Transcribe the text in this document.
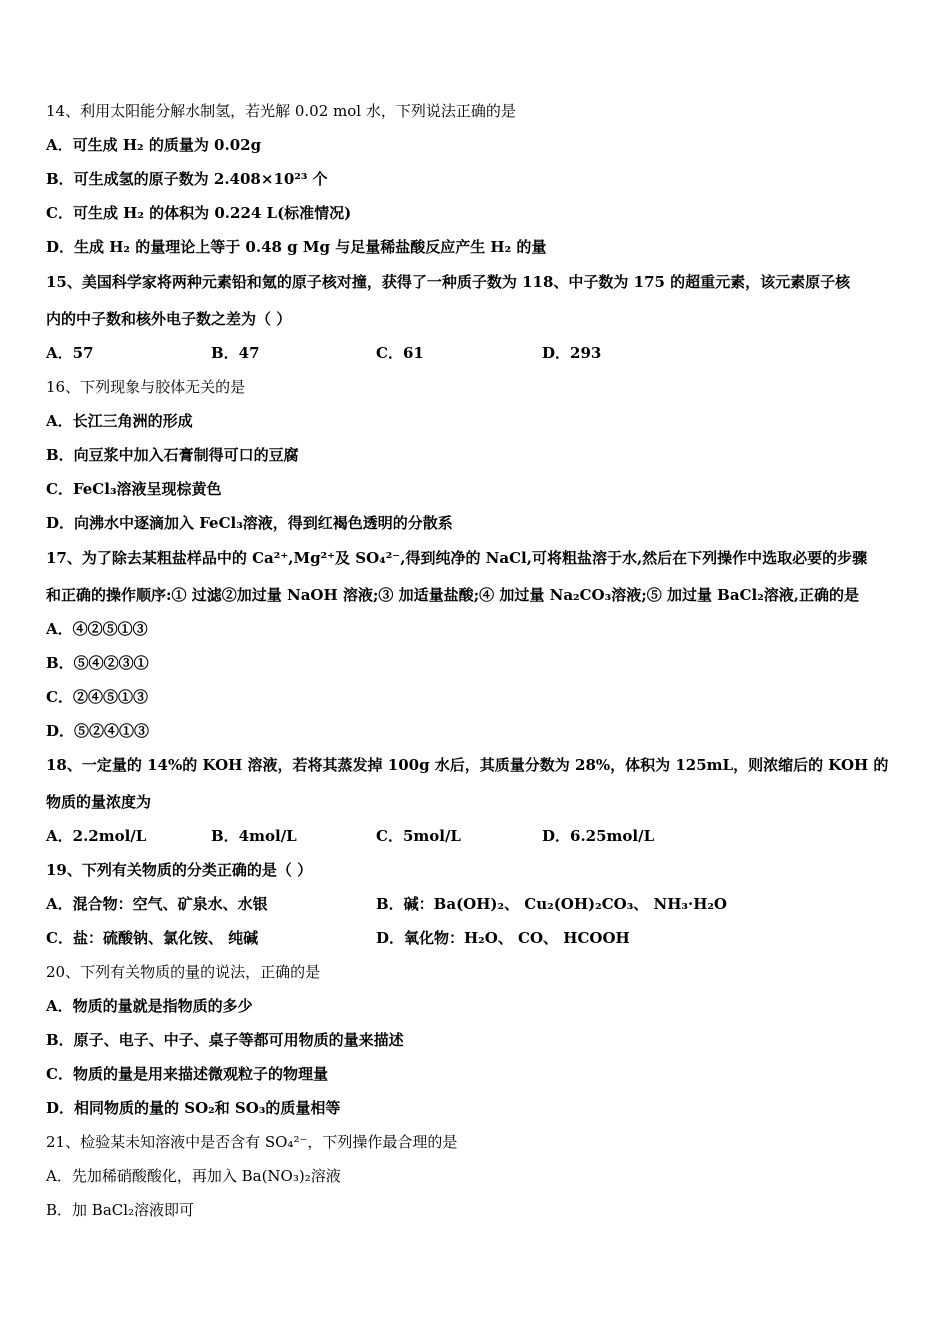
14、利用太阳能分解水制氢，若光解 0.02 mol 水，下列说法正确的是
A．可生成 H₂ 的质量为 0.02g
B．可生成氢的原子数为 2.408×10²³ 个
C．可生成 H₂ 的体积为 0.224 L(标准情况)
D．生成 H₂ 的量理论上等于 0.48 g Mg 与足量稀盐酸反应产生 H₂ 的量
15、美国科学家将两种元素铅和氪的原子核对撞，获得了一种质子数为 118、中子数为 175 的超重元素，该元素原子核
内的中子数和核外电子数之差为（ ）
A．57	B．47	C．61	D．293
16、下列现象与胶体无关的是
A．长江三角洲的形成
B．向豆浆中加入石膏制得可口的豆腐
C．FeCl₃溶液呈现棕黄色
D．向沸水中逐滴加入 FeCl₃溶液，得到红褐色透明的分散系
17、为了除去某粗盐样品中的 Ca²⁺,Mg²⁺及 SO₄²⁻,得到纯净的 NaCl,可将粗盐溶于水,然后在下列操作中选取必要的步骤
和正确的操作顺序:① 过滤②加过量 NaOH 溶液;③ 加适量盐酸;④ 加过量 Na₂CO₃溶液;⑤ 加过量 BaCl₂溶液,正确的是
A．④②⑤①③
B．⑤④②③①
C．②④⑤①③
D．⑤②④①③
18、一定量的 14%的 KOH 溶液，若将其蒸发掉 100g 水后，其质量分数为 28%，体积为 125mL，则浓缩后的 KOH 的
物质的量浓度为
A．2.2mol/L	B．4mol/L	C．5mol/L	D．6.25mol/L
19、下列有关物质的分类正确的是（ ）
A．混合物：空气、矿泉水、水银	B．碱：Ba(OH)₂、 Cu₂(OH)₂CO₃、 NH₃·H₂O
C．盐：硫酸钠、氯化铵、 纯碱	D．氧化物：H₂O、 CO、 HCOOH
20、下列有关物质的量的说法，正确的是
A．物质的量就是指物质的多少
B．原子、电子、中子、桌子等都可用物质的量来描述
C．物质的量是用来描述微观粒子的物理量
D．相同物质的量的 SO₂和 SO₃的质量相等
21、检验某未知溶液中是否含有 SO₄²⁻，下列操作最合理的是
A．先加稀硝酸酸化，再加入 Ba(NO₃)₂溶液
B．加 BaCl₂溶液即可
